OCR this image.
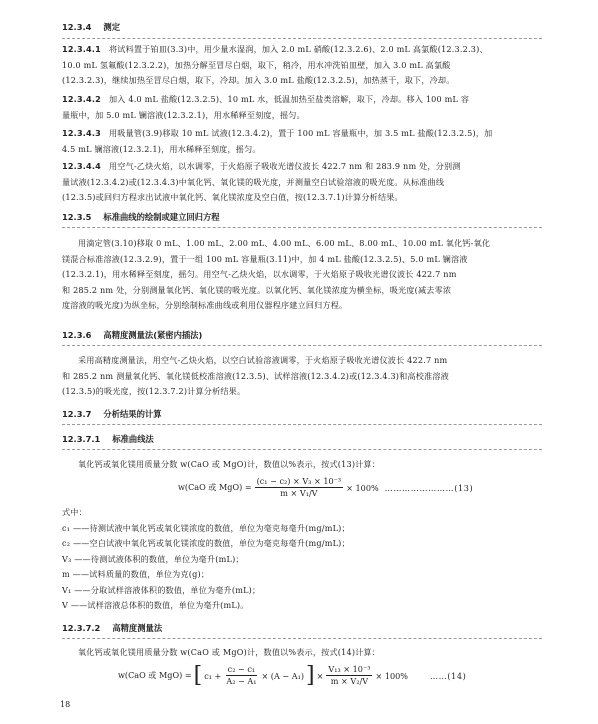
12.3.4 测定
12.3.4.1 将试料置于铂皿(3.3)中，用少量水湿润，加入 2.0 mL 硝酸(12.3.2.6)、2.0 mL 高氯酸(12.3.2.3)、
10.0 mL 氢氟酸(12.3.2.2)，加热分解至冒尽白烟，取下，稍冷，用水冲洗铂皿壁，加入 3.0 mL 高氯酸
(12.3.2.3)，继续加热至冒尽白烟，取下，冷却。加入 3.0 mL 盐酸(12.3.2.5)，加热蒸干，取下，冷却。
12.3.4.2 加入 4.0 mL 盐酸(12.3.2.5)、10 mL 水，低温加热至盐类溶解，取下，冷却。移入 100 mL 容
量瓶中，加 5.0 mL 镧溶液(12.3.2.1)，用水稀释至刻度，摇匀。
12.3.4.3 用吸量管(3.9)移取 10 mL 试液(12.3.4.2)，置于 100 mL 容量瓶中，加 3.5 mL 盐酸(12.3.2.5)，加
4.5 mL 镧溶液(12.3.2.1)，用水稀释至刻度，摇匀。
12.3.4.4 用空气-乙炔火焰，以水调零，于火焰原子吸收光谱仪波长 422.7 nm 和 283.9 nm 处，分别测
量试液(12.3.4.2)或(12.3.4.3)中氧化钙、氧化镁的吸光度，并测量空白试验溶液的吸光度。从标准曲线
(12.3.5)或回归方程求出试液中氧化钙、氧化镁浓度及空白值，按(12.3.7.1)计算分析结果。
12.3.5 标准曲线的绘制或建立回归方程
用滴定管(3.10)移取 0 mL、1.00 mL、2.00 mL、4.00 mL、6.00 mL、8.00 mL、10.00 mL 氧化钙-氧化
镁混合标准溶液(12.3.2.9)，置于一组 100 mL 容量瓶(3.11)中，加 4 mL 盐酸(12.3.2.5)、5.0 mL 镧溶液
(12.3.2.1)，用水稀释至刻度，摇匀。用空气-乙炔火焰，以水调零，于火焰原子吸收光谱仪波长 422.7 nm
和 285.2 nm 处，分别测量氧化钙、氧化镁的吸光度。以氧化钙、氧化镁浓度为横坐标，吸光度(减去零浓
度溶液的吸光度)为纵坐标，分别绘制标准曲线或利用仪器程序建立回归方程。
12.3.6 高精度测量法(紧密内插法)
采用高精度测量法，用空气-乙炔火焰，以空白试验溶液调零，于火焰原子吸收光谱仪波长 422.7 nm
和 285.2 nm 测量氧化钙、氧化镁低校准溶液(12.3.5)、试样溶液(12.3.4.2)或(12.3.4.3)和高校准溶液
(12.3.5)的吸光度，按(12.3.7.2)计算分析结果。
12.3.7 分析结果的计算
12.3.7.1 标准曲线法
氧化钙或氧化镁用质量分数 w(CaO 或 MgO)计，数值以%表示，按式(13)计算：
w(CaO 或 $MgO) = \frac{\text{(c₁ − c₂) × V₃ × 10⁻³}}{\text{m × V₁/V}} \times 100\%$ ……………………(13)
式中：
c₁ ——待测试液中氧化钙或氧化镁浓度的数值，单位为毫克每毫升(mg/mL)；
c₂ ——空白试液中氧化钙或氧化镁浓度的数值，单位为毫克每毫升(mg/mL)；
V₃ ——待测试液体积的数值，单位为毫升(mL)；
m ——试料质量的数值，单位为克(g)；
V₁ ——分取试样溶液体积的数值，单位为毫升(mL)；
V ——试样溶液总体积的数值，单位为毫升(mL)。
12.3.7.2 高精度测量法
氧化钙或氧化镁用质量分数 w(CaO 或 MgO)计，数值以%表示，按式(14)计算：
w(CaO 或 MgO) = [ $c_1 + \frac{\text{c₂ − c₁}}{\text{A₂ − A₁}} \times (A - A_1)$ ] × $\frac{\text{V₁₃ × 10⁻³}}{\text{m × V₂/V}} \times 100\%$	……(14)
18
